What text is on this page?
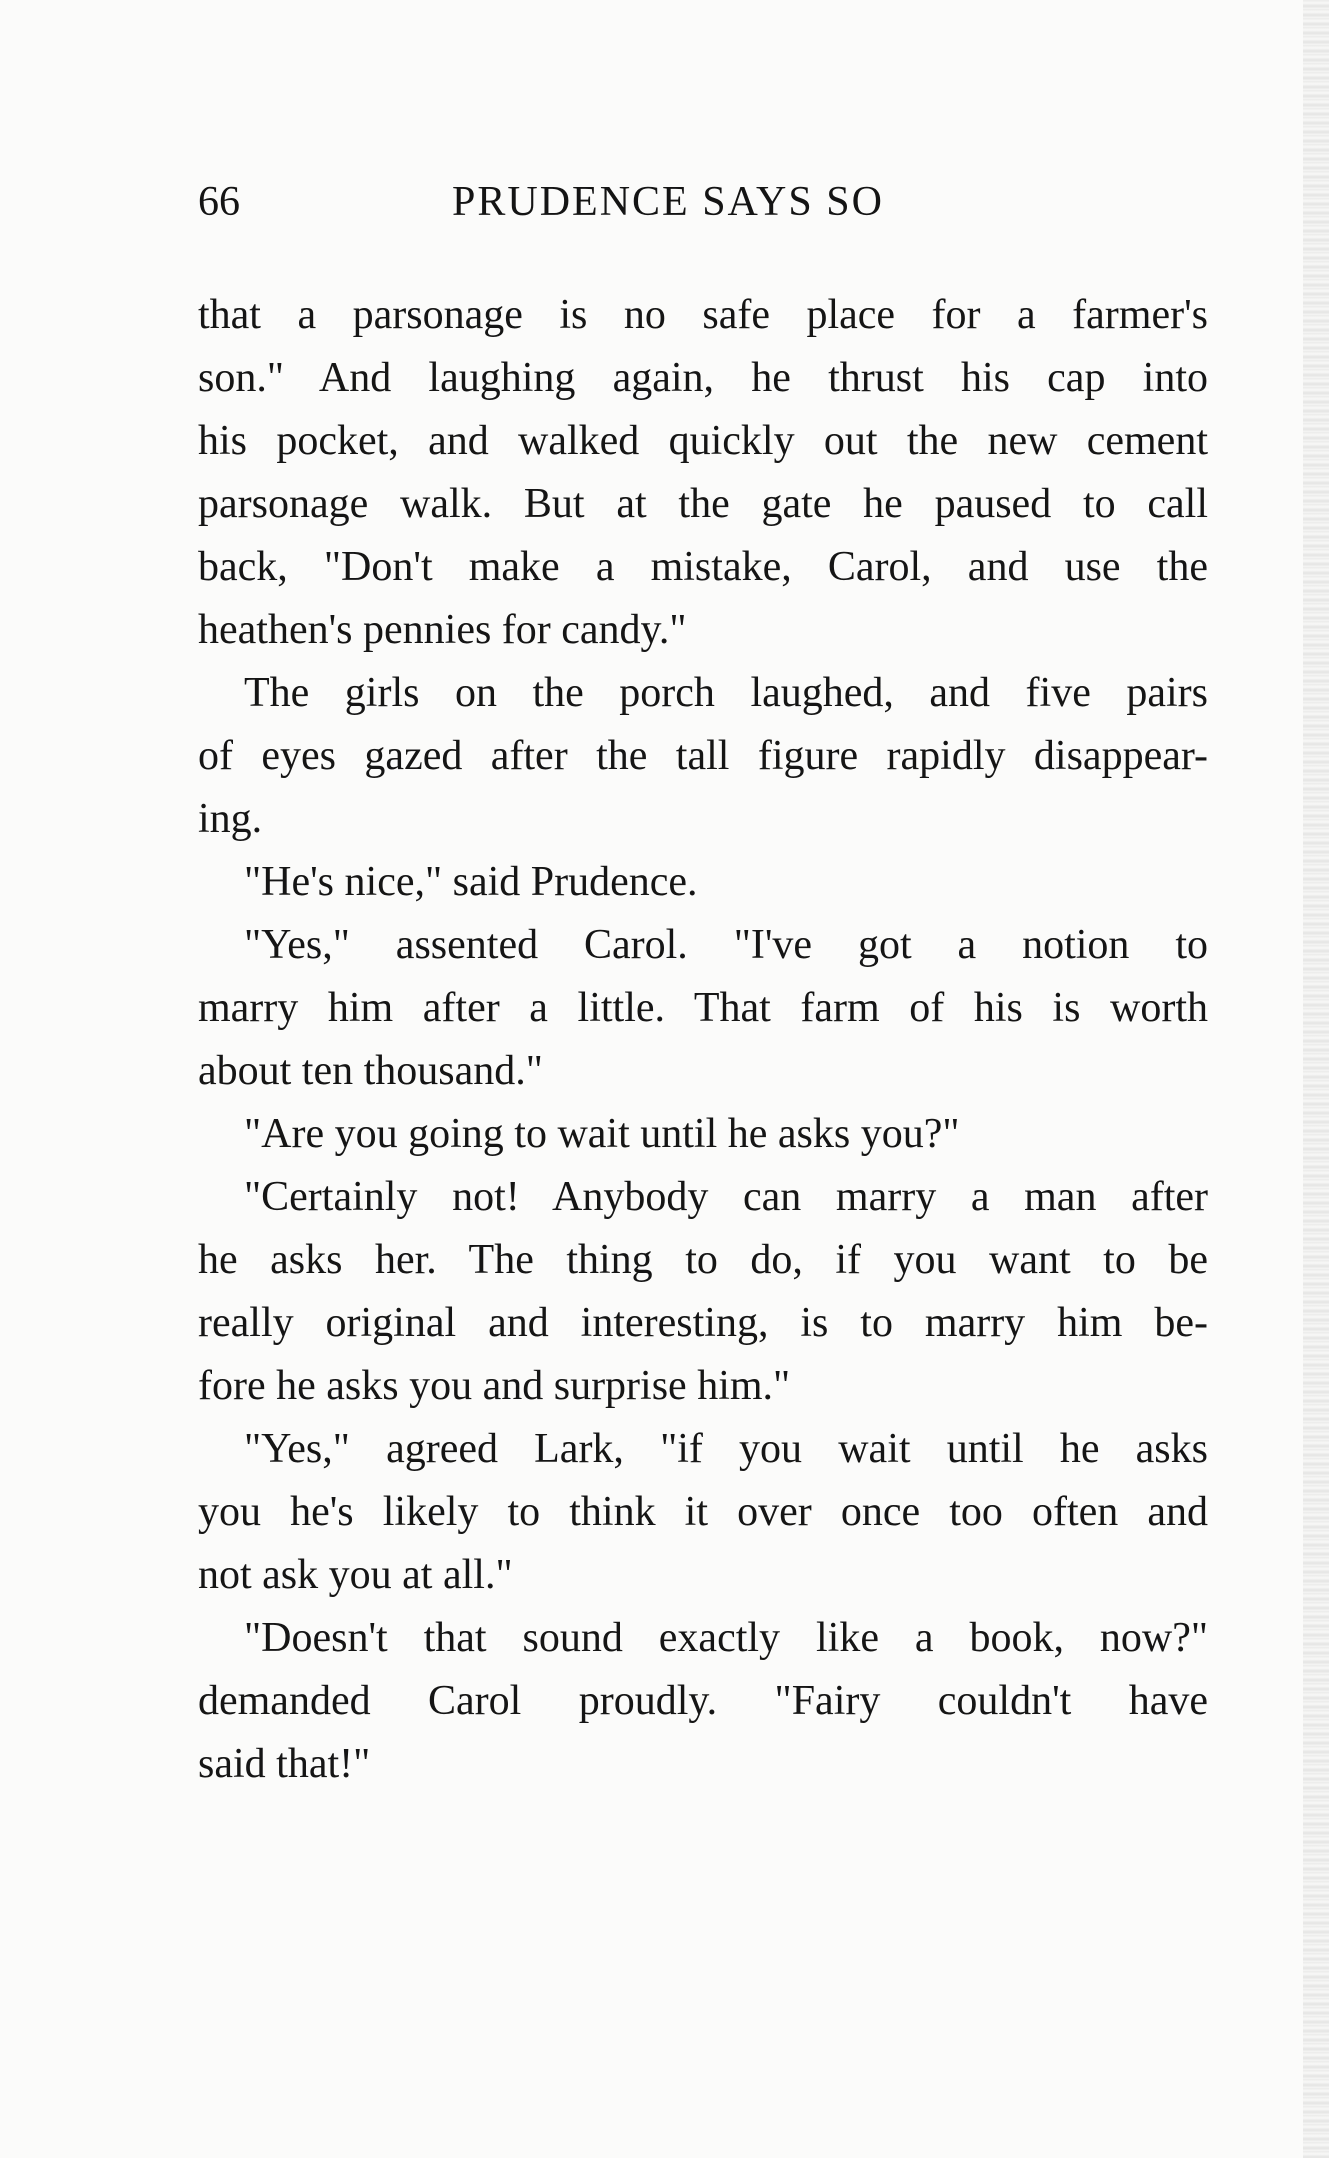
66	PRUDENCE SAYS SO
that a parsonage is no safe place for a farmer's
son." And laughing again, he thrust his cap into
his pocket, and walked quickly out the new cement
parsonage walk. But at the gate he paused to call
back, "Don't make a mistake, Carol, and use the
heathen's pennies for candy."
The girls on the porch laughed, and five pairs
of eyes gazed after the tall figure rapidly disappear-
ing.
"He's nice," said Prudence.
"Yes," assented Carol. "I've got a notion to
marry him after a little. That farm of his is worth
about ten thousand."
"Are you going to wait until he asks you?"
"Certainly not! Anybody can marry a man after
he asks her. The thing to do, if you want to be
really original and interesting, is to marry him be-
fore he asks you and surprise him."
"Yes," agreed Lark, "if you wait until he asks
you he's likely to think it over once too often and
not ask you at all."
"Doesn't that sound exactly like a book, now?"
demanded Carol proudly. "Fairy couldn't have
said that!"
